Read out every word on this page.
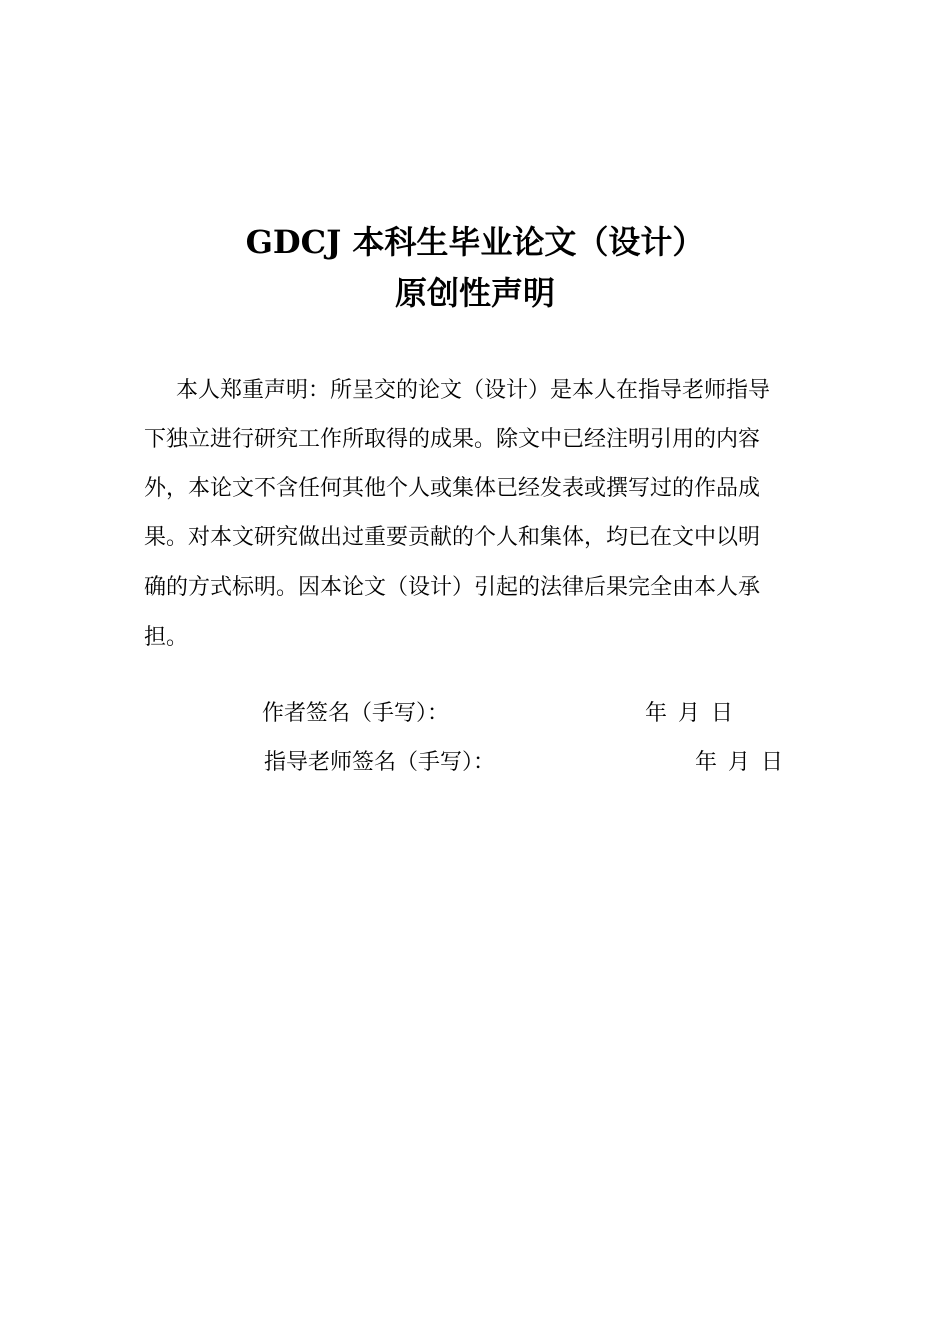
GDCJ 本科生毕业论文（设计）
原创性声明
本人郑重声明：所呈交的论文（设计）是本人在指导老师指导
下独立进行研究工作所取得的成果。除文中已经注明引用的内容
外，本论文不含任何其他个人或集体已经发表或撰写过的作品成
果。对本文研究做出过重要贡献的个人和集体，均已在文中以明
确的方式标明。因本论文（设计）引起的法律后果完全由本人承
担。
作者签名（手写）：	年 月 日
指导老师签名（手写）：	年 月 日
